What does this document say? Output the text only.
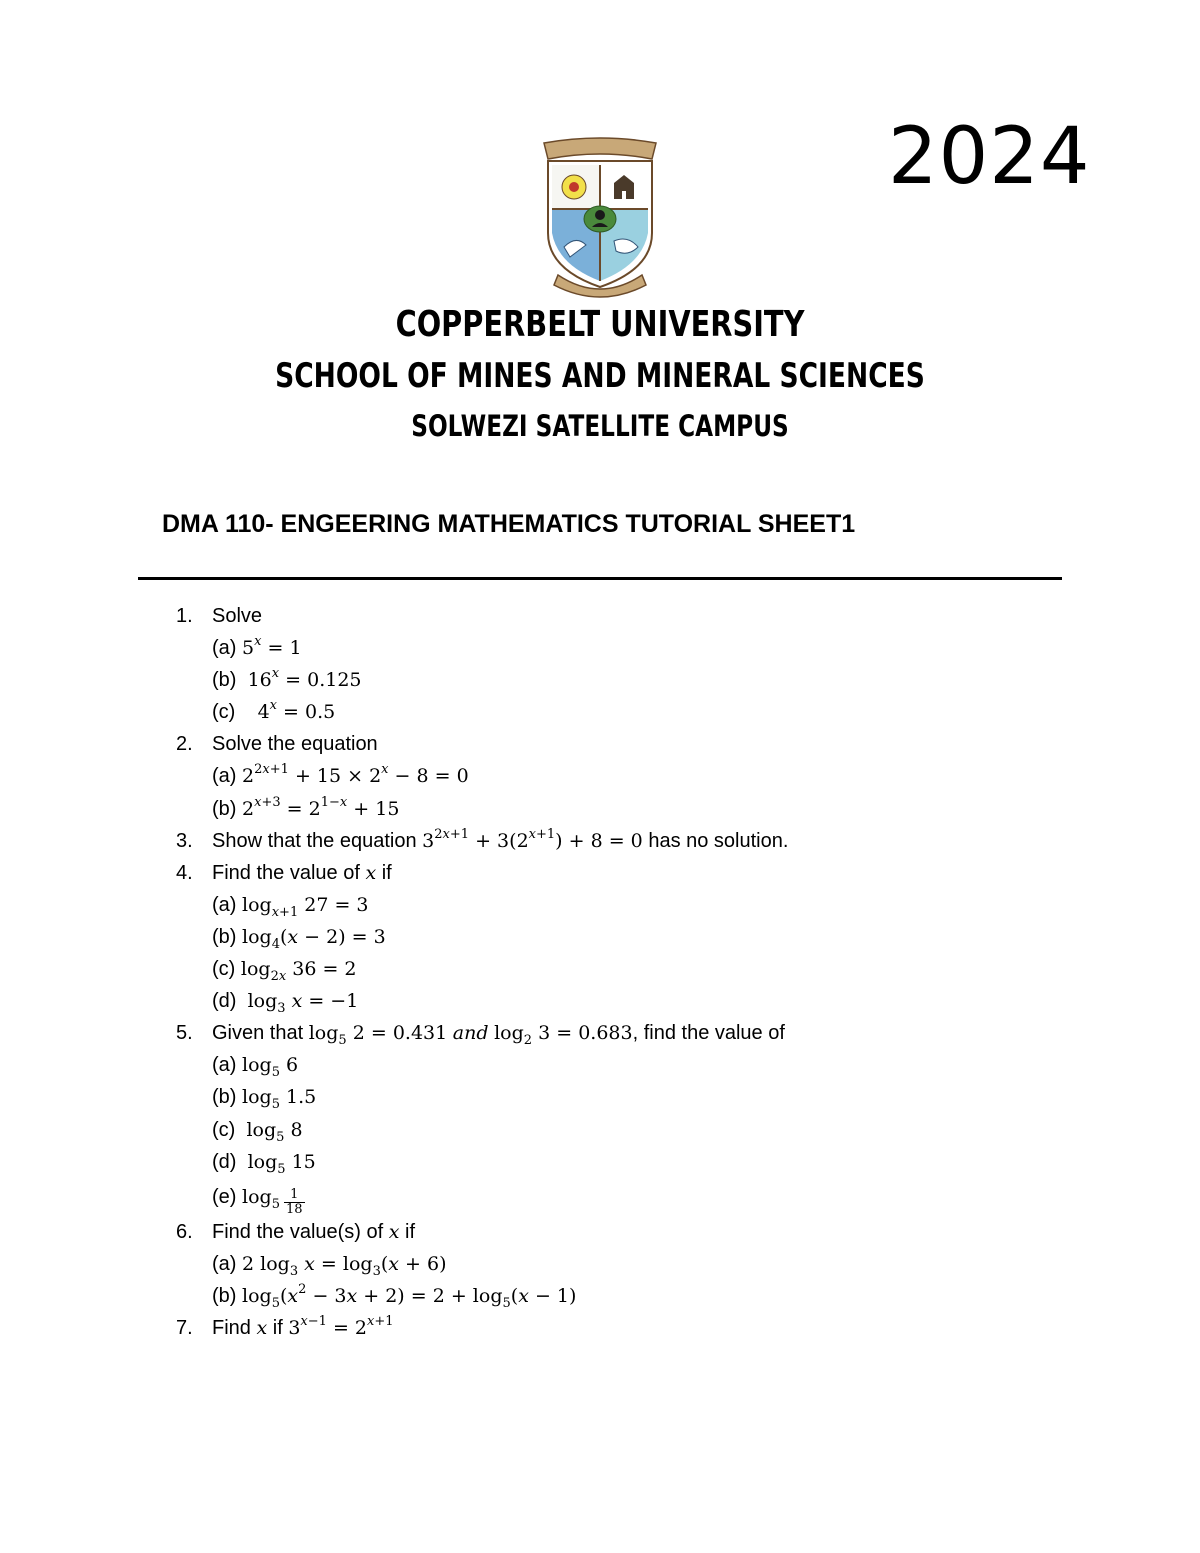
2024
COPPERBELT UNIVERSITY
SCHOOL OF MINES AND MINERAL SCIENCES
SOLWEZI SATELLITE CAMPUS
DMA 110- ENGEERING MATHEMATICS TUTORIAL SHEET1
1. Solve
(a) $5^x = 1$
(b) $16^x = 0.125$
(c) $4^x = 0.5$
2. Solve the equation
(a) $2^{2x+1} + 15 \times 2^x - 8 = 0$
(b) $2^{x+3} = 2^{1-x} + 15$
3. Show that the equation $3^{2x+1} + 3(2^{x+1}) + 8 = 0$ has no solution.
4. Find the value of x if
(a) $\log_{x+1} 27 = 3$
(b) $\log_4(x - 2) = 3$
(c) $\log_{2x} 36 = 2$
(d) $\log_3 x = -1$
5. Given that $\log_5 2 = 0.431$ and $\log_2 3 = 0.683$, find the value of
(a) $\log_5 6$
(b) $\log_5 1.5$
(c) $\log_5 8$
(d) $\log_5 15$
(e) $\log_5 \frac{1}{18}$
6. Find the value(s) of x if
(a) 2 $\log_3 x = \log_3(x + 6)$
(b) $\log_5(x^2 - 3x + 2) = 2 + \log_5(x - 1)$
7. Find x if $3^{x-1} = 2^{x+1}$
